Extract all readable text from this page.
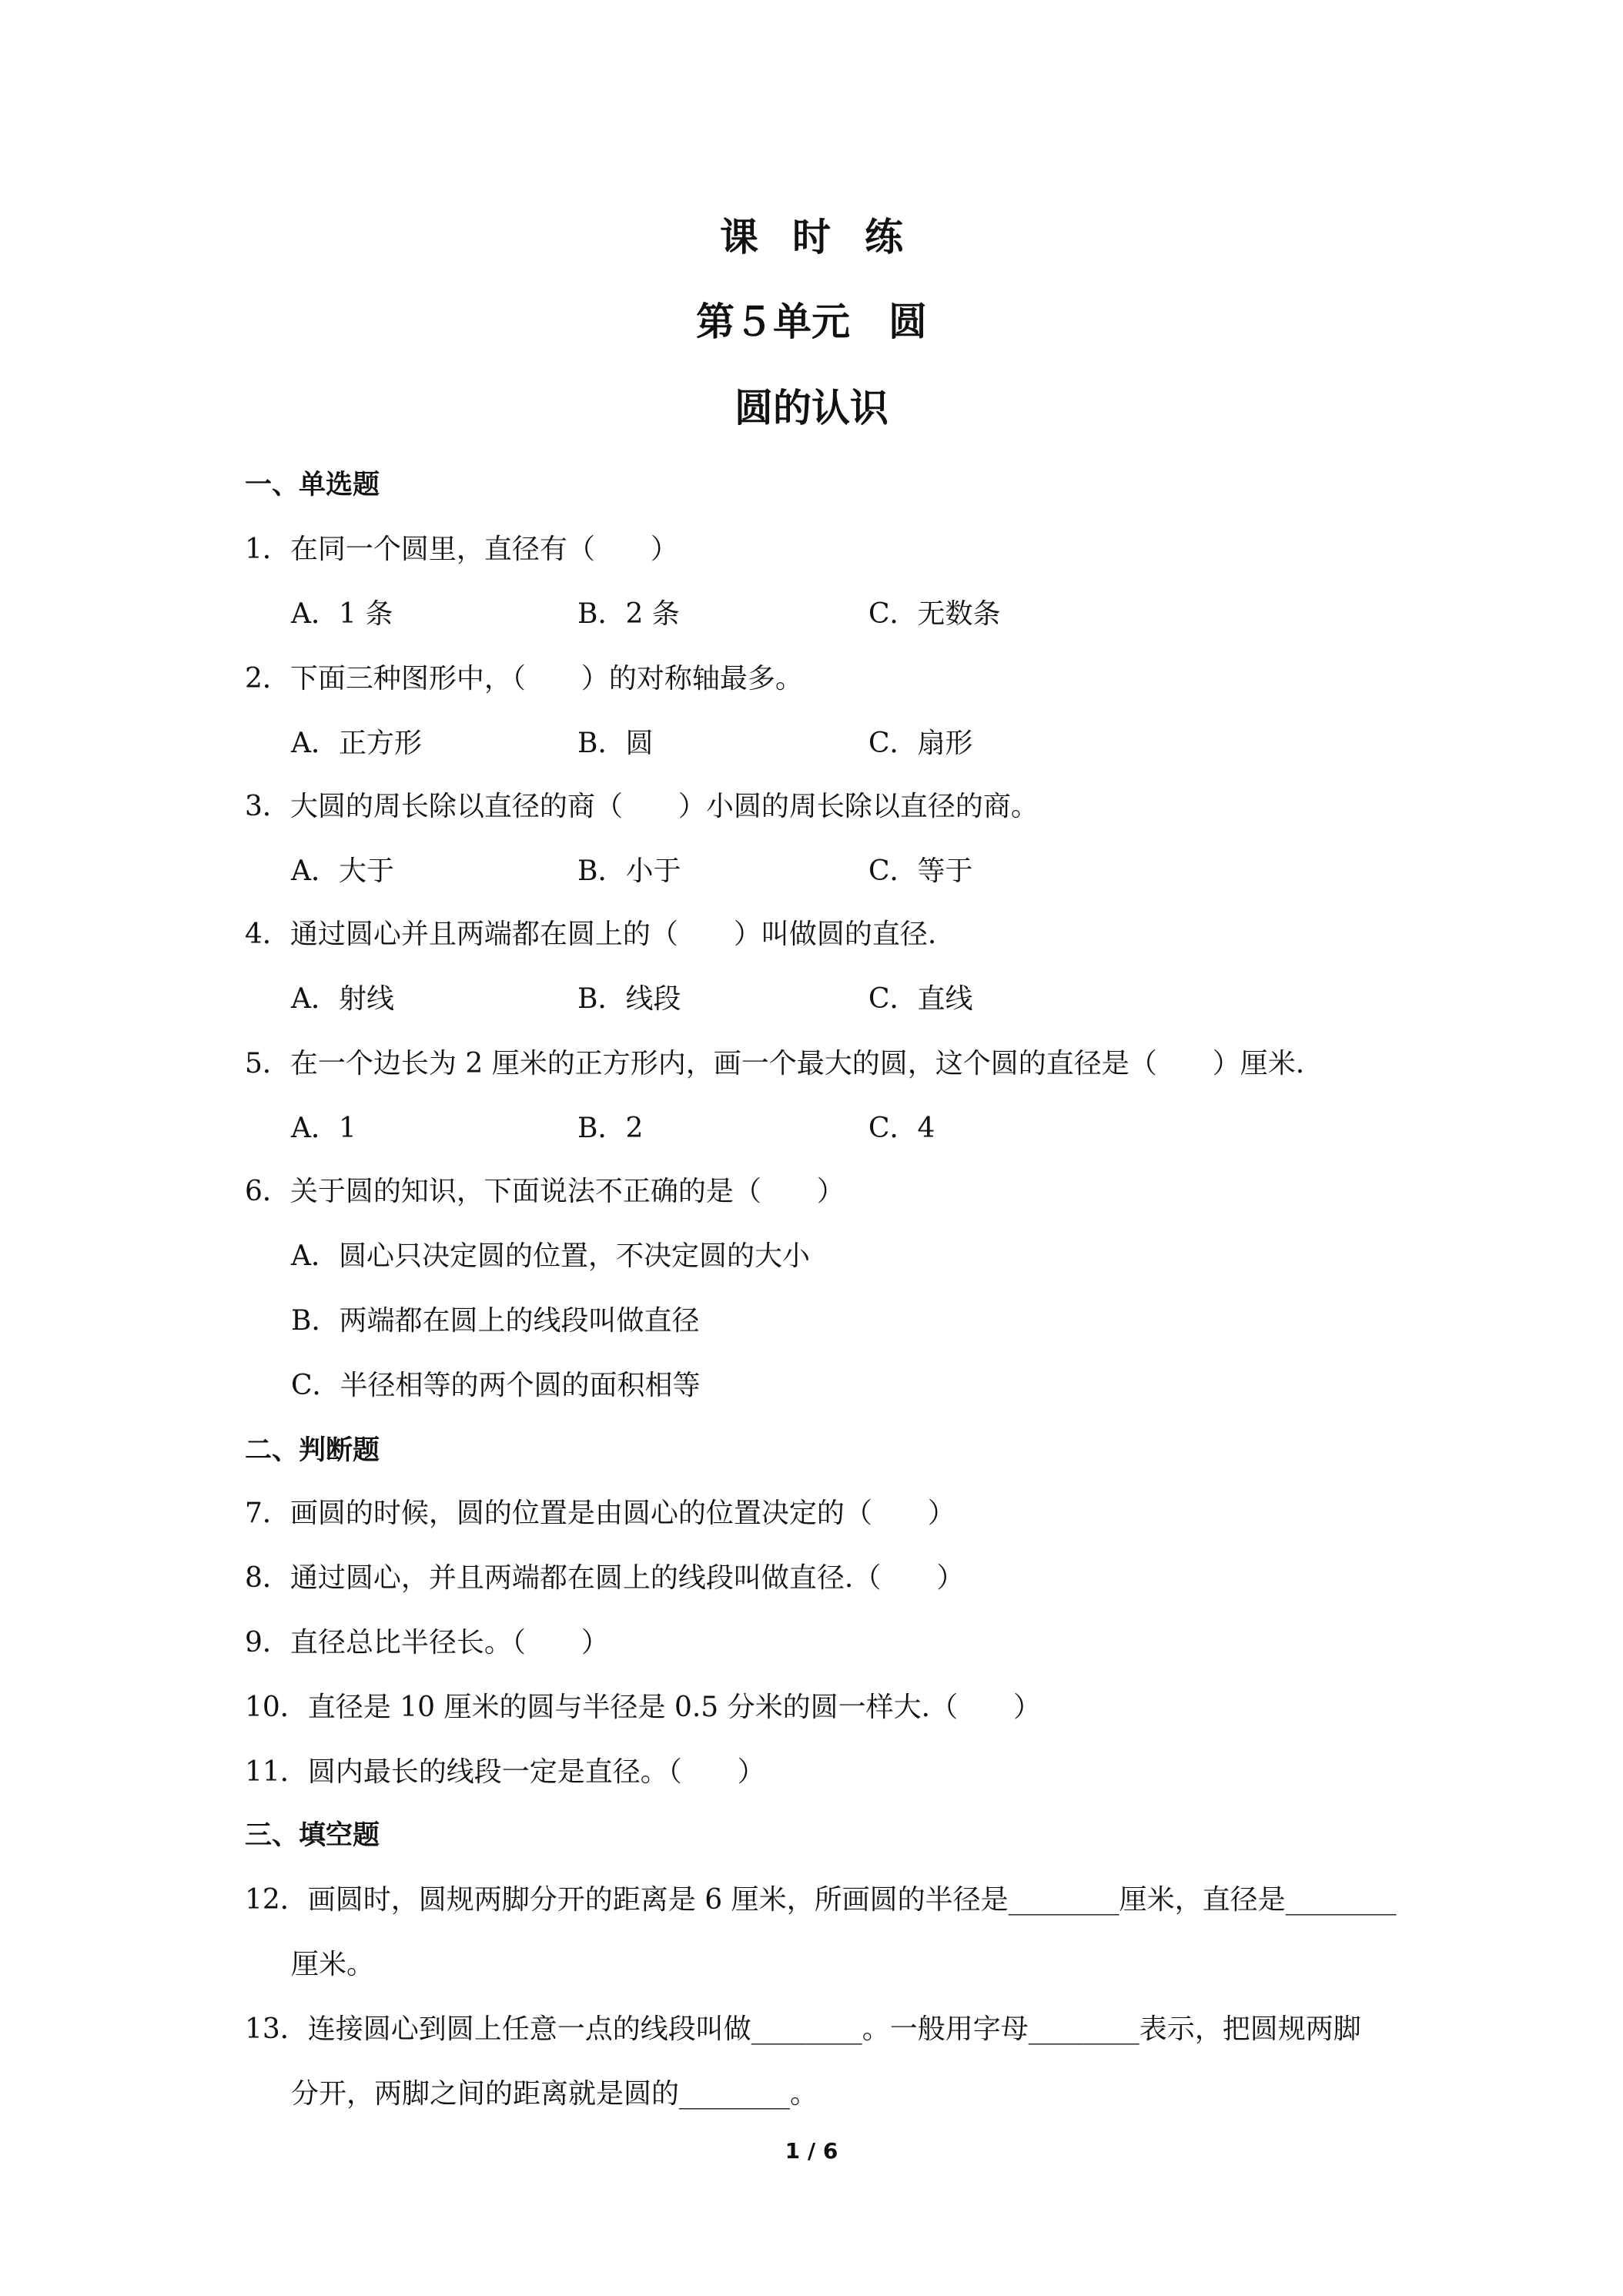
课时练
第５单元　圆
圆的认识
一、单选题
1．在同一个圆里，直径有（　　）
A．1 条	B．2 条	C．无数条
2．下面三种图形中，（　　）的对称轴最多。
A．正方形	B．圆	C．扇形
3．大圆的周长除以直径的商（　　）小圆的周长除以直径的商。
A．大于	B．小于	C．等于
4．通过圆心并且两端都在圆上的（　　）叫做圆的直径.
A．射线	B．线段	C．直线
5．在一个边长为 2 厘米的正方形内，画一个最大的圆，这个圆的直径是（　　）厘米.
A．1	B．2	C．4
6．关于圆的知识，下面说法不正确的是（　　）
A．圆心只决定圆的位置，不决定圆的大小
B．两端都在圆上的线段叫做直径
C．半径相等的两个圆的面积相等
二、判断题
7．画圆的时候，圆的位置是由圆心的位置决定的（　　）
8．通过圆心，并且两端都在圆上的线段叫做直径.（　　）
9．直径总比半径长。（　　）
10．直径是 10 厘米的圆与半径是 0.5 分米的圆一样大.（　　）
11．圆内最长的线段一定是直径。（　　）
三、填空题
12．画圆时，圆规两脚分开的距离是 6 厘米，所画圆的半径是________厘米，直径是________
厘米。
13．连接圆心到圆上任意一点的线段叫做________。一般用字母________表示，把圆规两脚
分开，两脚之间的距离就是圆的________。
1 / 6
